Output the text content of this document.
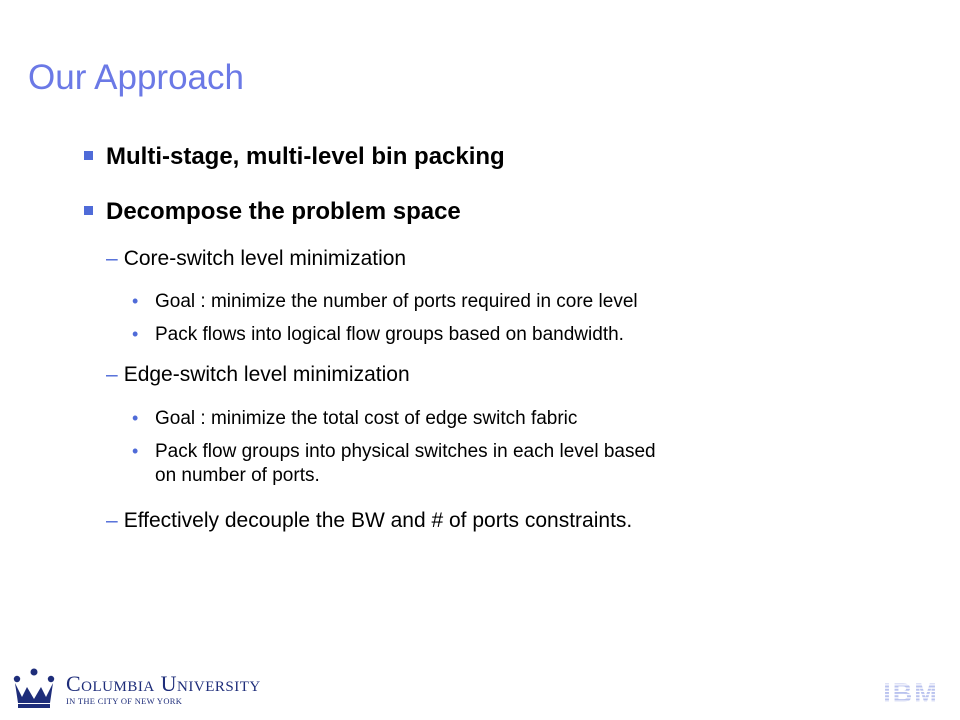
Our Approach
Multi-stage, multi-level bin packing
Decompose the problem space
– Core-switch level minimization
• Goal : minimize the number of ports required in core level
• Pack flows into logical flow groups based on bandwidth.
– Edge-switch level minimization
• Goal : minimize the total cost of edge switch fabric
• Pack flow groups into physical switches in each level based
on number of ports.
– Effectively decouple the BW and # of ports constraints.
Columbia University
IN THE CITY OF NEW YORK	IBM
